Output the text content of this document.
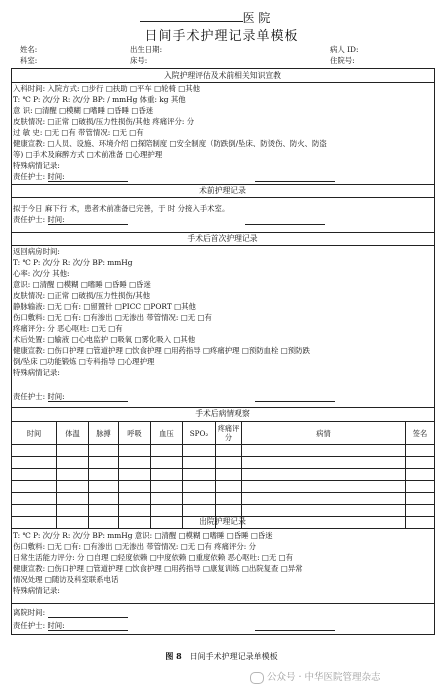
医 院
日间手术护理记录单模板
姓名:	出生日期:	病人 ID:
科室:	床号:	住院号:
入院护理评估及术前相关知识宣教
入科时间: 入院方式: □步行 □扶助 □平车 □轮椅 □其他
T: ℃ P: 次/分 R: 次/分 BP: / mmHg 体重: kg 其他
意 识: □清醒 □模糊 □嗜睡 □昏睡 □昏迷
皮肤情况: □正常 □破损/压力性损伤/其他 疼痛评分: 分
过 敏 史: □无 □有 带管情况: □无 □有
健康宣教: □人员、设施、环境介绍 □探陪制度 □安全制度（防跌倒/坠床、防烫伤、防火、防盗
等) □手术及麻醉方式 □术前准备 □心理护理
特殊病情记录:
责任护士: 时间:
术前护理记录
拟于今日 麻下行 术，患者术前准备已完善，于 时 分接入手术室。
责任护士: 时间:
手术后首次护理记录
返回病房时间:
T: ℃ P: 次/分 R: 次/分 BP: mmHg
心率: 次/分 其他:
意识: □清醒 □模糊 □嗜睡 □昏睡 □昏迷
皮肤情况: □正常 □破损/压力性损伤/其他
静脉输液: □无 □有: □留置针 □PICC □PORT □其他
伤口敷料: □无 □有: □有渗出 □无渗出 带管情况: □无 □有
疼痛评分: 分 恶心呕吐: □无 □有
术后处置: □输液 □心电监护 □吸氧 □雾化吸入 □其他
健康宣教: □伤口护理 □管道护理 □饮食护理 □用药指导 □疼痛护理 □预防血栓 □预防跌
倒/坠床 □功能锻炼 □专科指导 □心理护理
特殊病情记录:
责任护士: 时间:
手术后病情观察
时间	体温	脉搏	呼吸	血压	SPO₂	疼痛评分	病情	签名

出院护理记录
T: ℃ P: 次/分 R: 次/分 BP: mmHg 意识: □清醒 □模糊 □嗜睡 □昏睡 □昏迷
伤口敷料: □无 □有: □有渗出 □无渗出 带管情况: □无 □有 疼痛评分: 分
日常生活能力评分: 分 □自理 □轻度依赖 □中度依赖 □重度依赖 恶心呕吐: □无 □有
健康宣教: □伤口护理 □管道护理 □饮食护理 □用药指导 □康复训练 □出院复查 □异常
情况处理 □随访及科室联系电话
特殊病情记录:
离院时间:
责任护士: 时间:
图 8 日间手术护理记录单模板
公众号 · 中华医院管理杂志
